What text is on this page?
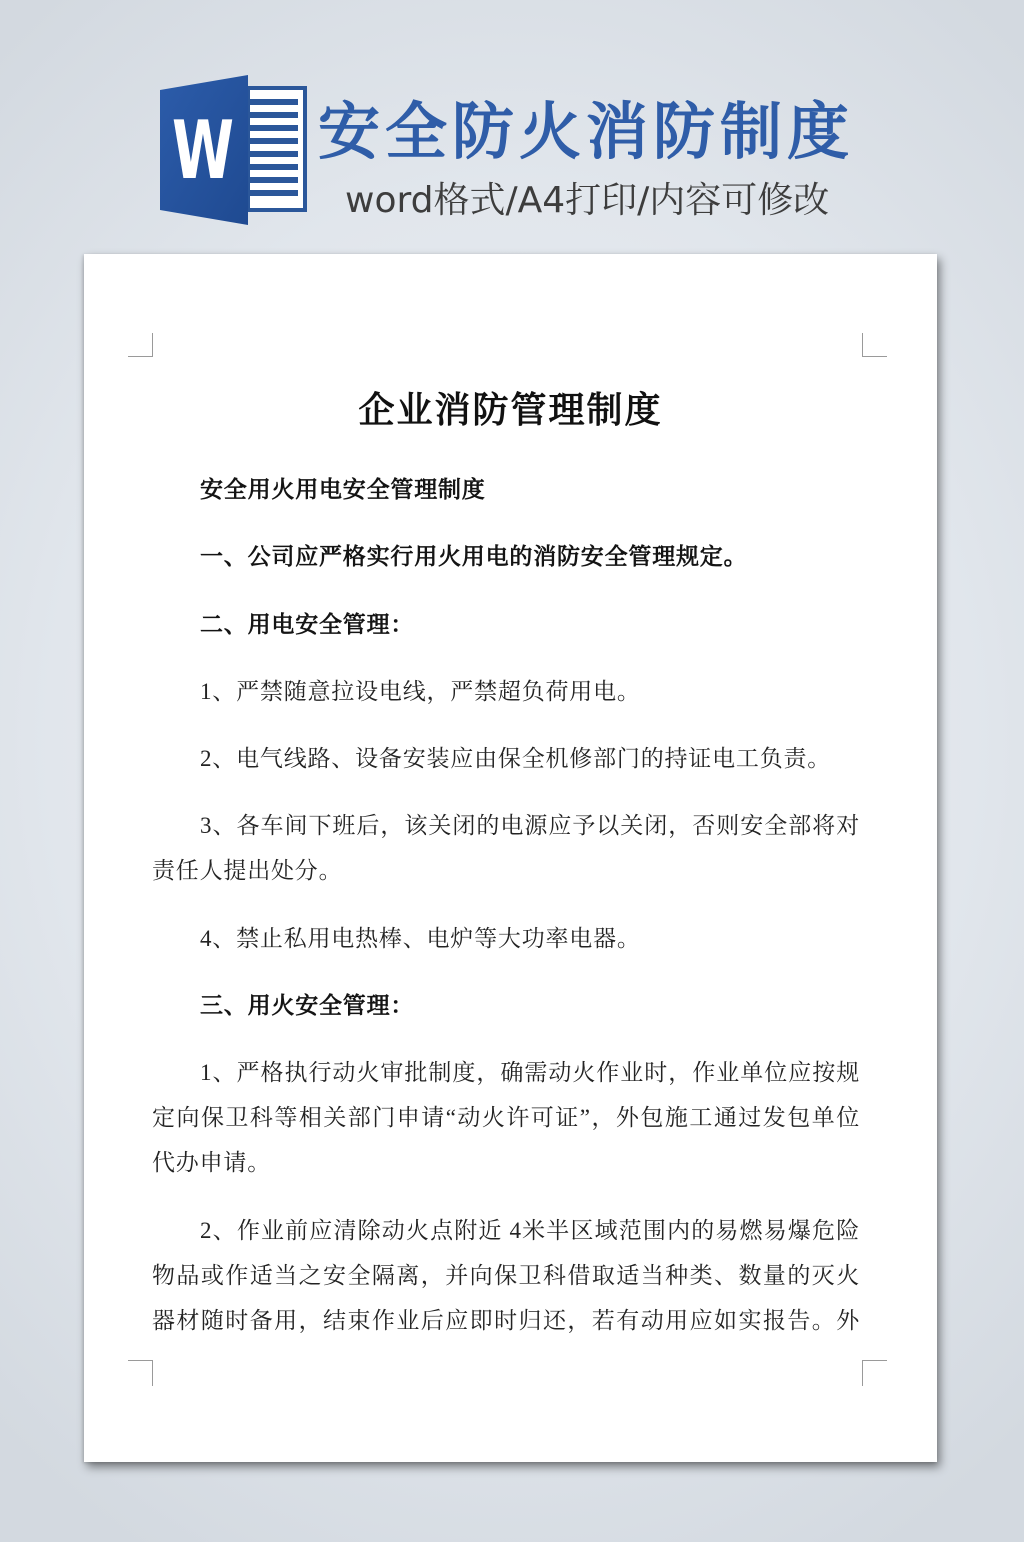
W 安全防火消防制度
word格式/A4打印/内容可修改
企业消防管理制度
安全用火用电安全管理制度
一、公司应严格实行用火用电的消防安全管理规定。
二、用电安全管理：
1、严禁随意拉设电线，严禁超负荷用电。
2、电气线路、设备安装应由保全机修部门的持证电工负责。
3、各车间下班后，该关闭的电源应予以关闭，否则安全部将对
责任人提出处分。
4、禁止私用电热棒、电炉等大功率电器。
三、用火安全管理：
1、严格执行动火审批制度，确需动火作业时，作业单位应按规
定向保卫科等相关部门申请“动火许可证”，外包施工通过发包单位
代办申请。
2、作业前应清除动火点附近 4米半区域范围内的易燃易爆危险
物品或作适当之安全隔离，并向保卫科借取适当种类、数量的灭火
器材随时备用，结束作业后应即时归还，若有动用应如实报告。外
